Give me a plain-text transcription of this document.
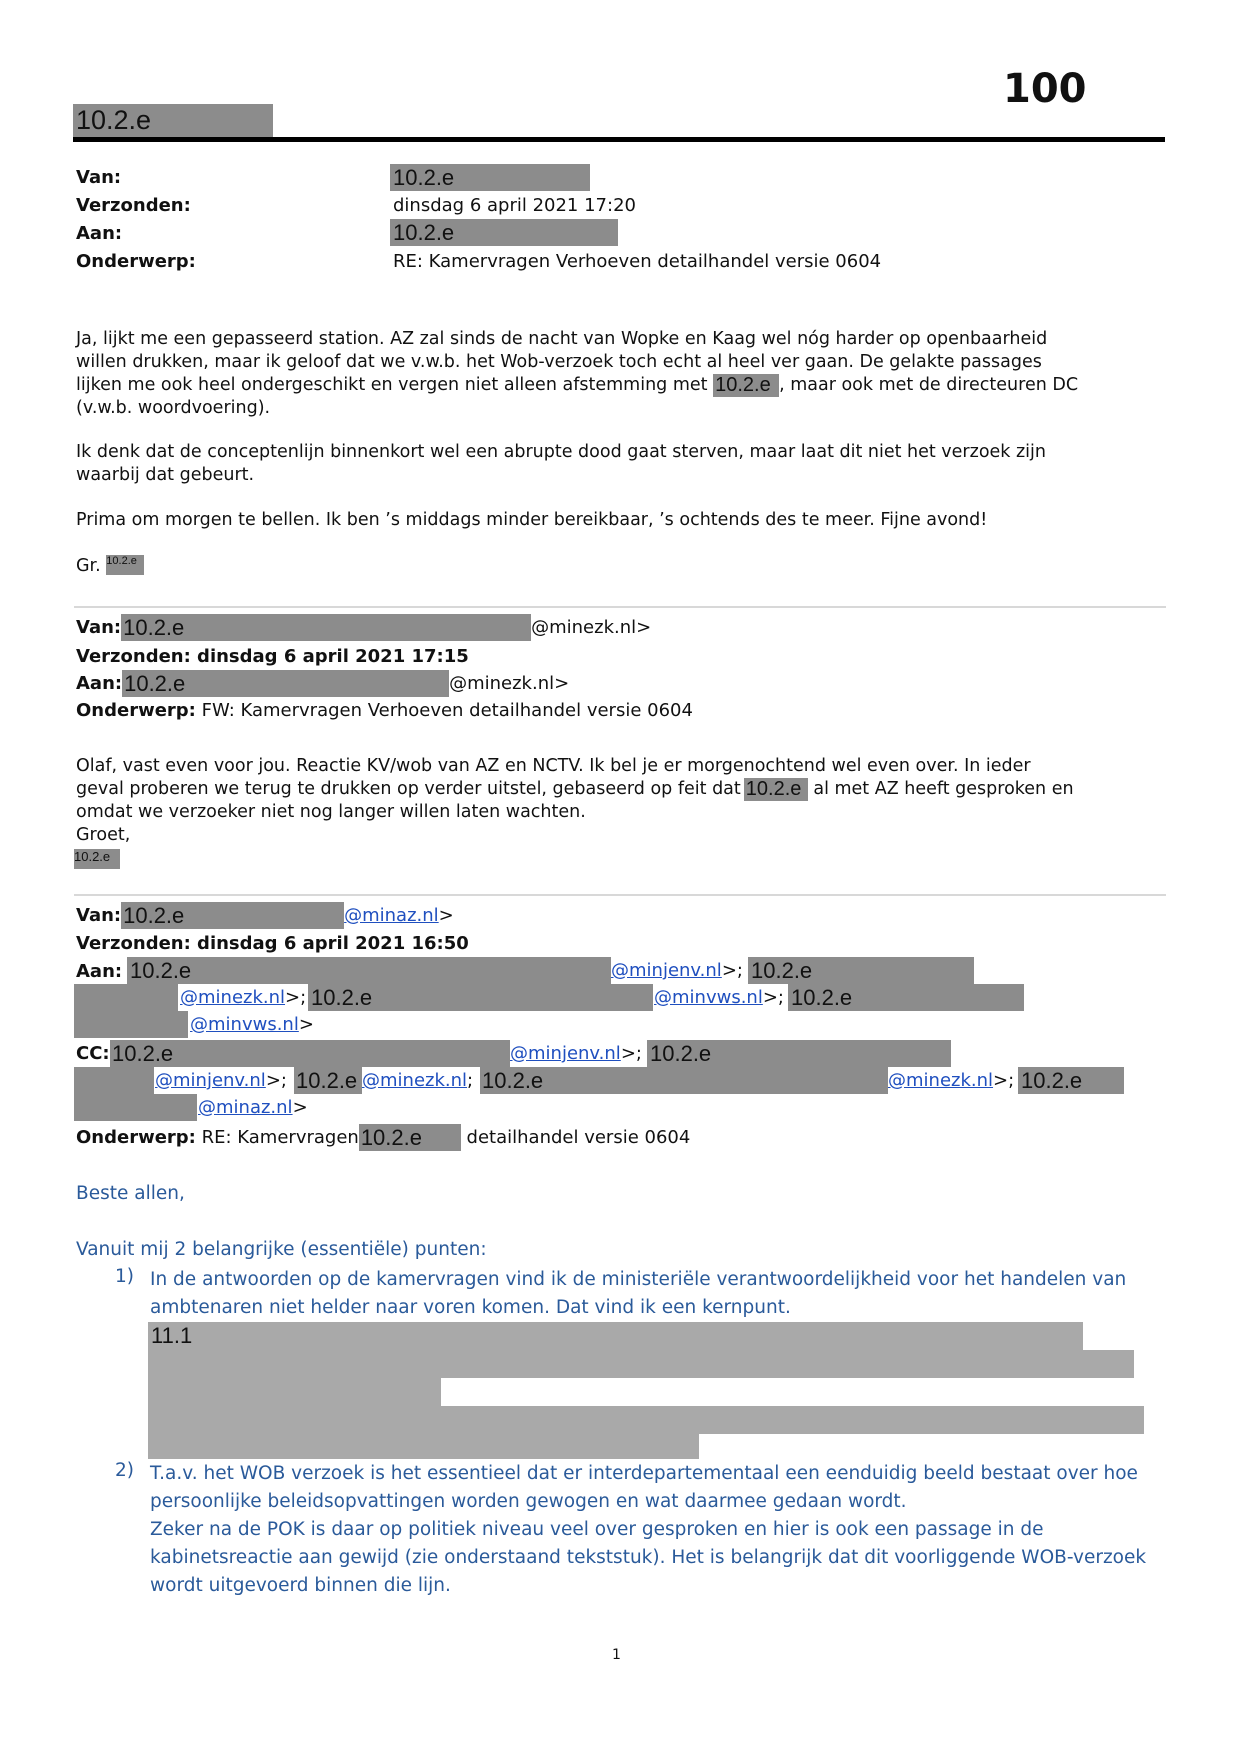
10.2.e
100
Van:	10.2.e
Verzonden:	dinsdag 6 april 2021 17:20
Aan:	10.2.e
Onderwerp:	RE: Kamervragen Verhoeven detailhandel versie 0604
Ja, lijkt me een gepasseerd station. AZ zal sinds de nacht van Wopke en Kaag wel nóg harder op openbaarheid
willen drukken, maar ik geloof dat we v.w.b. het Wob-verzoek toch echt al heel ver gaan. De gelakte passages
lijken me ook heel ondergeschikt en vergen niet alleen afstemming met 10.2.e , maar ook met de directeuren DC
(v.w.b. woordvoering).
Ik denk dat de conceptenlijn binnenkort wel een abrupte dood gaat sterven, maar laat dit niet het verzoek zijn
waarbij dat gebeurt.
Prima om morgen te bellen. Ik ben ’s middags minder bereikbaar, ’s ochtends des te meer. Fijne avond!
Gr. 10.2.e
Van:10.2.e	@minezk.nl>
Verzonden: dinsdag 6 april 2021 17:15
Aan:10.2.e	@minezk.nl>
Onderwerp: FW: Kamervragen Verhoeven detailhandel versie 0604
Olaf, vast even voor jou. Reactie KV/wob van AZ en NCTV. Ik bel je er morgenochtend wel even over. In ieder
geval proberen we terug te drukken op verder uitstel, gebaseerd op feit dat 10.2.e al met AZ heeft gesproken en
omdat we verzoeker niet nog langer willen laten wachten.
Groet,
10.2.e
Van:10.2.e	@minaz.nl>
Verzonden: dinsdag 6 april 2021 16:50
Aan: 10.2.e	@minjenv.nl>; 10.2.e
@minezk.nl>; 10.2.e	@minvws.nl>; 10.2.e
@minvws.nl>
CC: 10.2.e	@minjenv.nl>; 10.2.e
@minjenv.nl>; 10.2.e @minezk.nl; 10.2.e	@minezk.nl>; 10.2.e
@minaz.nl>
Onderwerp: RE: Kamervragen10.2.e detailhandel versie 0604
Beste allen,
Vanuit mij 2 belangrijke (essentiële) punten:
1) In de antwoorden op de kamervragen vind ik de ministeriële verantwoordelijkheid voor het handelen van
ambtenaren niet helder naar voren komen. Dat vind ik een kernpunt.
11.1
2) T.a.v. het WOB verzoek is het essentieel dat er interdepartementaal een eenduidig beeld bestaat over hoe
persoonlijke beleidsopvattingen worden gewogen en wat daarmee gedaan wordt.
Zeker na de POK is daar op politiek niveau veel over gesproken en hier is ook een passage in de
kabinetsreactie aan gewijd (zie onderstaand tekststuk). Het is belangrijk dat dit voorliggende WOB-verzoek
wordt uitgevoerd binnen die lijn.
1
